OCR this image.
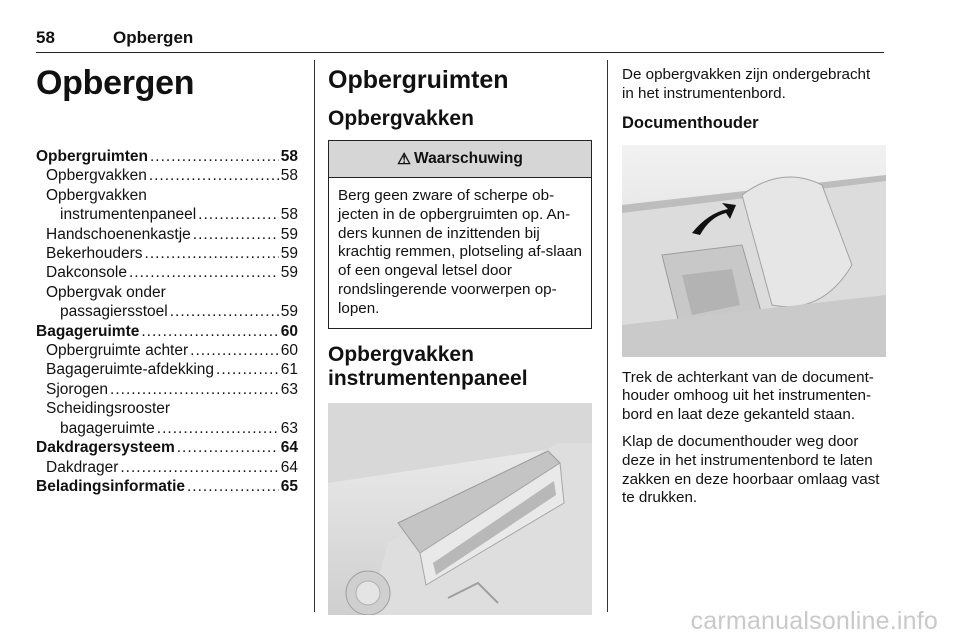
58	Opbergen
Opbergen
Opbergruimten .....	58
Opbergvakken .....	58
Opbergvakken
instrumentenpaneel .....	58
Handschoenenkastje .....	59
Bekerhouders .....	59
Dakconsole .....	59
Opbergvak onder
passagiersstoel .....	59
Bagageruimte .....	60
Opbergruimte achter .....	60
Bagageruimte-afdekking .....	61
Sjorogen .....	63
Scheidingsrooster
bagageruimte .....	63
Dakdragersysteem .....	64
Dakdrager .....	64
Beladingsinformatie .....	65
Opbergruimten
Opbergvakken
⚠ Waarschuwing
Berg geen zware of scherpe ob-jecten in de opbergruimten op. An-ders kunnen de inzittenden bij krachtig remmen, plotseling af-slaan of een ongeval letsel door rondslingerende voorwerpen op-lopen.
Opbergvakken instrumentenpaneel

De opbergvakken zijn ondergebracht in het instrumentenbord.

Documenthouder

Trek de achterkant van de document-houder omhoog uit het instrumenten-bord en laat deze gekanteld staan.

Klap de documenthouder weg door deze in het instrumentenbord te laten zakken en deze hoorbaar omlaag vast te drukken.

carmanualsonline.info
